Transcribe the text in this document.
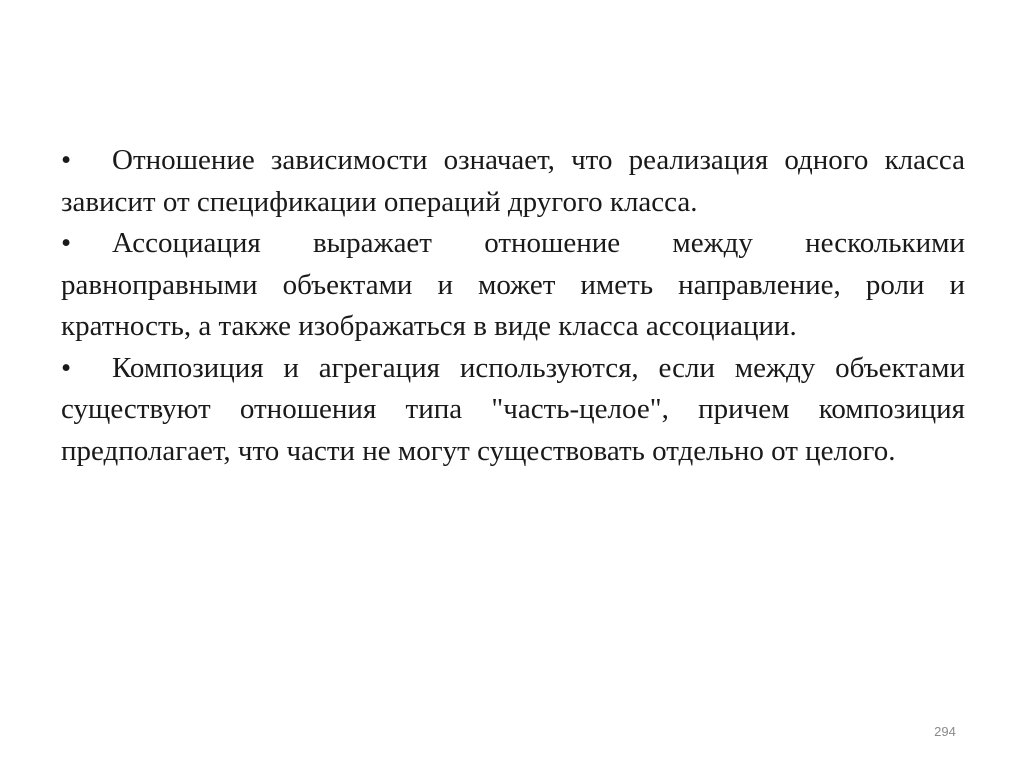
• Отношение зависимости означает, что реализация одного класса зависит от спецификации операций другого класса.

• Ассоциация выражает отношение между несколькими равноправными объектами и может иметь направление, роли и кратность, а также изображаться в виде класса ассоциации.

• Композиция и агрегация используются, если между объектами существуют отношения типа "часть-целое", причем композиция предполагает, что части не могут существовать отдельно от целого.

294
